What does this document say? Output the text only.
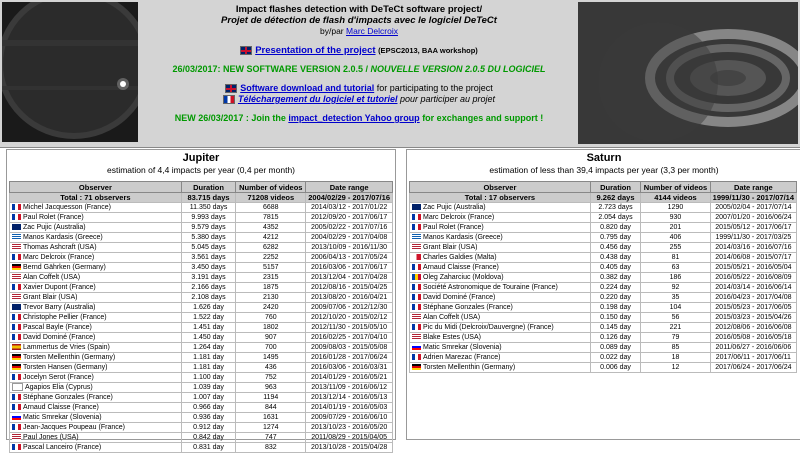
Impact flashes detection with DeTeCt software project/
Projet de détection de flash d'impacts avec le logiciel DeTeCt
by/par Marc Delcroix
Presentation of the project (EPSC2013, BAA workshop)
26/03/2017: NEW SOFTWARE VERSION 2.0.5 / NOUVELLE VERSION 2.0.5 DU LOGICIEL
Software download and tutorial for participating to the project
Téléchargement du logiciel et tutoriel pour participer au projet
NEW 26/03/2017 : Join the impact_detection Yahoo group for exchanges and support !
Jupiter
estimation of 4,4 impacts per year (0,4 per month)
Observer	Duration	Number of videos	Date range
Total : 71 observers	83.715 days	71208 videos	2004/02/29 - 2017/07/16
Michel Jacquesson (France)	11.350 days	6688	2014/03/12 - 2017/01/22
Paul Rolet (France)	9.993 days	7815	2012/09/20 - 2017/06/17
Zac Pujic (Australia)	9.579 days	4352	2005/02/22 - 2017/07/16
Manos Kardasis (Greece)	5.380 days	4212	2004/02/29 - 2017/04/08
Thomas Ashcraft (USA)	5.045 days	6282	2013/10/09 - 2016/11/30
Marc Delcroix (France)	3.561 days	2252	2006/04/13 - 2017/05/24
Bernd Gährken (Germany)	3.450 days	5157	2016/03/06 - 2017/06/17
Alan Coffelt (USA)	3.191 days	2315	2013/12/04 - 2017/04/28
Xavier Dupont (France)	2.166 days	1875	2012/08/16 - 2015/04/25
Grant Blair (USA)	2.108 days	2130	2013/08/20 - 2016/04/21
Trevor Barry (Australia)	1.626 day	2420	2009/07/06 - 2012/12/30
Christophe Pellier (France)	1.522 day	760	2012/10/20 - 2015/02/12
Pascal Bayle (France)	1.451 day	1802	2012/11/30 - 2015/05/10
David Dominé (France)	1.450 day	907	2016/02/25 - 2017/04/10
Lammertus de Vries (Spain)	1.264 day	700	2009/08/03 - 2015/05/08
Torsten Mellenthin (Germany)	1.181 day	1495	2016/01/28 - 2017/06/24
Torsten Hansen (Germany)	1.181 day	436	2016/03/06 - 2016/03/31
Jocelyn Serot (France)	1.100 day	752	2014/01/29 - 2016/05/21
Agapios Elia (Cyprus)	1.039 day	963	2013/11/09 - 2016/06/12
Stéphane Gonzales (France)	1.007 day	1194	2013/12/14 - 2016/05/13
Arnaud Claisse (France)	0.966 day	844	2014/01/19 - 2016/05/03
Matic Smrekar (Slovenia)	0.936 day	1631	2009/07/29 - 2016/06/10
Jean-Jacques Poupeau (France)	0.912 day	1274	2013/10/23 - 2016/05/20
Paul Jones (USA)	0.842 day	747	2011/08/29 - 2015/04/05
Pascal Lanceiro (France)	0.831 day	832	2013/10/28 - 2015/04/28
Saturn
estimation of less than 39,4 impacts per year (3,3 per month)
Observer	Duration	Number of videos	Date range
Total : 17 observers	9.262 days	4144 videos	1999/11/30 - 2017/07/14
Zac Pujic (Australia)	2.723 days	1290	2005/02/04 - 2017/07/14
Marc Delcroix (France)	2.054 days	930	2007/01/20 - 2016/06/24
Paul Rolet (France)	0.820 day	201	2015/05/12 - 2017/06/17
Manos Kardasis (Greece)	0.795 day	406	1999/11/30 - 2017/03/25
Grant Blair (USA)	0.456 day	255	2014/03/16 - 2016/07/16
Charles Galdies (Malta)	0.438 day	81	2014/06/08 - 2015/07/17
Arnaud Claisse (France)	0.405 day	63	2015/05/21 - 2016/05/04
Oleg Zaharciuc (Moldova)	0.382 day	186	2016/05/22 - 2016/08/09
Société Astronomique de Touraine (France)	0.224 day	92	2014/03/14 - 2016/06/14
David Dominé (France)	0.220 day	35	2016/04/23 - 2017/04/08
Stéphane Gonzales (France)	0.198 day	104	2015/05/23 - 2017/06/05
Alan Coffelt (USA)	0.150 day	56	2015/03/23 - 2015/04/26
Pic du Midi (Delcroix/Dauvergne) (France)	0.145 day	221	2012/08/06 - 2016/06/08
Blake Estes (USA)	0.126 day	79	2016/05/08 - 2016/05/18
Matic Smrekar (Slovenia)	0.089 day	85	2011/06/27 - 2016/06/06
Adrien Marezac (France)	0.022 day	18	2017/06/11 - 2017/06/11
Torsten Mellenthin (Germany)	0.006 day	12	2017/06/24 - 2017/06/24
